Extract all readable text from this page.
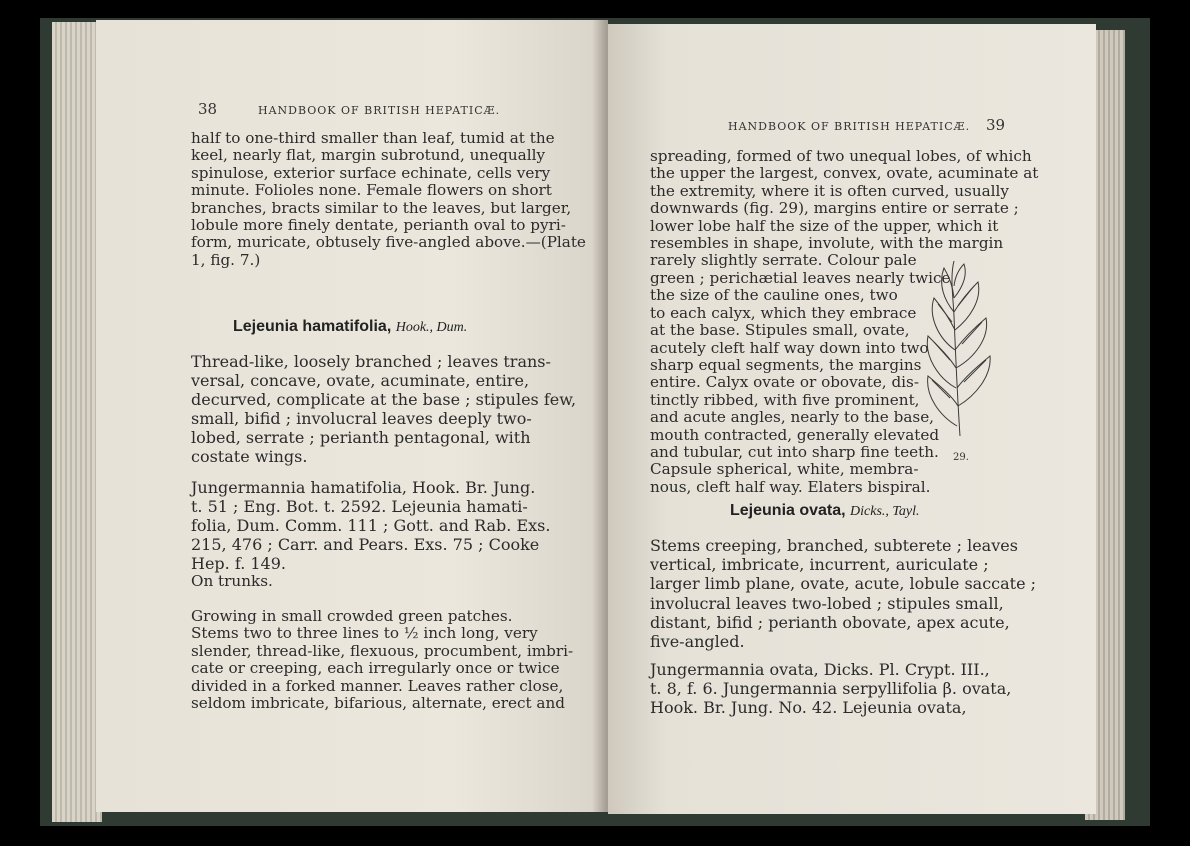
38	HANDBOOK OF BRITISH HEPATICÆ.
half to one-third smaller than leaf, tumid at the
keel, nearly flat, margin subrotund, unequally
spinulose, exterior surface echinate, cells very
minute. Folioles none. Female flowers on short
branches, bracts similar to the leaves, but larger,
lobule more finely dentate, perianth oval to pyri-
form, muricate, obtusely five-angled above.—(Plate
1, fig. 7.)
Lejeunia hamatifolia, Hook., Dum.
Thread-like, loosely branched ; leaves trans-
versal, concave, ovate, acuminate, entire,
decurved, complicate at the base ; stipules few,
small, bifid ; involucral leaves deeply two-
lobed, serrate ; perianth pentagonal, with
costate wings.
Jungermannia hamatifolia, Hook. Br. Jung.
t. 51 ; Eng. Bot. t. 2592. Lejeunia hamati-
folia, Dum. Comm. 111 ; Gott. and Rab. Exs.
215, 476 ; Carr. and Pears. Exs. 75 ; Cooke
Hep. f. 149.
On trunks.
Growing in small crowded green patches.
Stems two to three lines to ½ inch long, very
slender, thread-like, flexuous, procumbent, imbri-
cate or creeping, each irregularly once or twice
divided in a forked manner. Leaves rather close,
seldom imbricate, bifarious, alternate, erect and
HANDBOOK OF BRITISH HEPATICÆ. 39
spreading, formed of two unequal lobes, of which
the upper the largest, convex, ovate, acuminate at
the extremity, where it is often curved, usually
downwards (fig. 29), margins entire or serrate ;
lower lobe half the size of the upper, which it
resembles in shape, involute, with the margin
rarely slightly serrate. Colour pale
green ; perichætial leaves nearly twice
the size of the cauline ones, two
to each calyx, which they embrace
at the base. Stipules small, ovate,
acutely cleft half way down into two
sharp equal segments, the margins
entire. Calyx ovate or obovate, dis-
tinctly ribbed, with five prominent,
and acute angles, nearly to the base,
mouth contracted, generally elevated
and tubular, cut into sharp fine teeth.
Capsule spherical, white, membra-
nous, cleft half way. Elaters bispiral.
29.
Lejeunia ovata, Dicks., Tayl.
Stems creeping, branched, subterete ; leaves
vertical, imbricate, incurrent, auriculate ;
larger limb plane, ovate, acute, lobule saccate ;
involucral leaves two-lobed ; stipules small,
distant, bifid ; perianth obovate, apex acute,
five-angled.
Jungermannia ovata, Dicks. Pl. Crypt. III.,
t. 8, f. 6. Jungermannia serpyllifolia β. ovata,
Hook. Br. Jung. No. 42. Lejeunia ovata,
